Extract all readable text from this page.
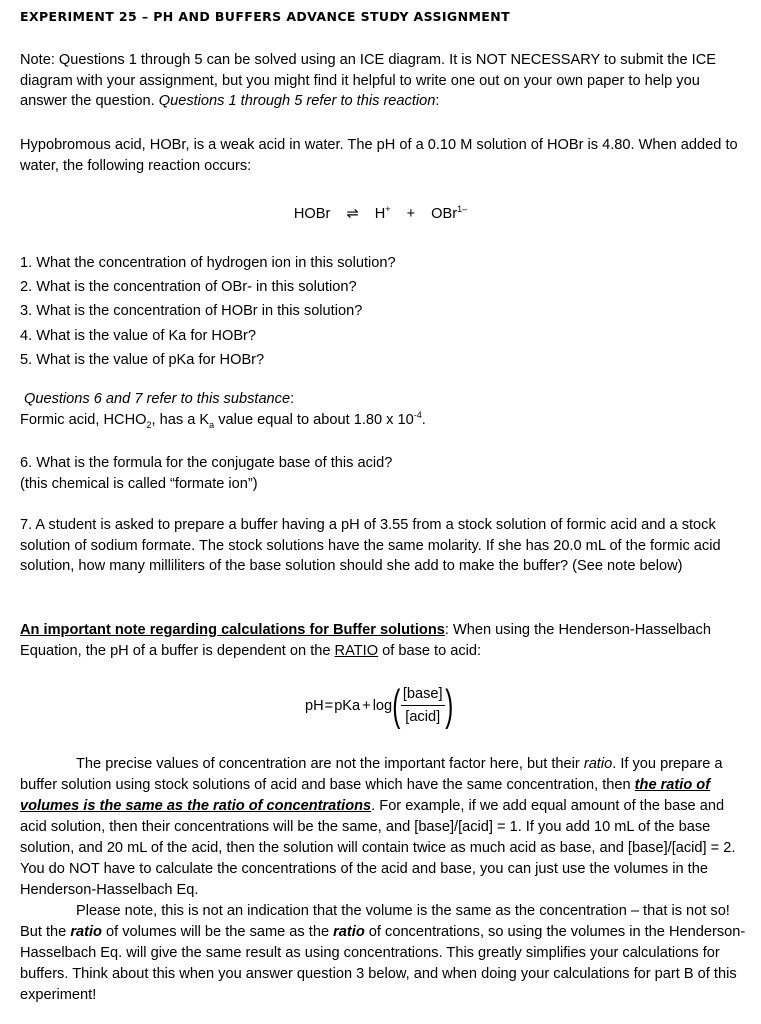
EXPERIMENT 25 – PH AND BUFFERS ADVANCE STUDY ASSIGNMENT
Note: Questions 1 through 5 can be solved using an ICE diagram. It is NOT NECESSARY to submit the ICE diagram with your assignment, but you might find it helpful to write one out on your own paper to help you answer the question. Questions 1 through 5 refer to this reaction:
Hypobromous acid, HOBr, is a weak acid in water. The pH of a 0.10 M solution of HOBr is 4.80. When added to water, the following reaction occurs:
HOBr ⇌ H+ + OBr$^{1-}$
1. What the concentration of hydrogen ion in this solution?
2. What is the concentration of OBr- in this solution?
3. What is the concentration of HOBr in this solution?
4. What is the value of Ka for HOBr?
5. What is the value of pKa for HOBr?
Questions 6 and 7 refer to this substance:
Formic acid, $HCHO_2$, has a $K_a$ value equal to about 1.80 x $10^{-4}$.
6. What is the formula for the conjugate base of this acid?
(this chemical is called “formate ion”)
7. A student is asked to prepare a buffer having a pH of 3.55 from a stock solution of formic acid and a stock solution of sodium formate. The stock solutions have the same molarity. If she has 20.0 mL of the formic acid solution, how many milliliters of the base solution should she add to make the buffer? (See note below)
An important note regarding calculations for Buffer solutions: When using the Henderson-Hasselbach Equation, the pH of a buffer is dependent on the RATIO of base to acid:
pH = pKa + log ( $\frac{\text{[base]}}{\text{[acid]}}$ )
The precise values of concentration are not the important factor here, but their ratio. If you prepare a buffer solution using stock solutions of acid and base which have the same concentration, then the ratio of volumes is the same as the ratio of concentrations. For example, if we add equal amount of the base and acid solution, then their concentrations will be the same, and [base]/[acid] = 1. If you add 10 mL of the base solution, and 20 mL of the acid, then the solution will contain twice as much acid as base, and [base]/[acid] = 2. You do NOT have to calculate the concentrations of the acid and base, you can just use the volumes in the Henderson-Hasselbach Eq.
Please note, this is not an indication that the volume is the same as the concentration – that is not so! But the ratio of volumes will be the same as the ratio of concentrations, so using the volumes in the Henderson-Hasselbach Eq. will give the same result as using concentrations. This greatly simplifies your calculations for buffers. Think about this when you answer question 3 below, and when doing your calculations for part B of this experiment!
